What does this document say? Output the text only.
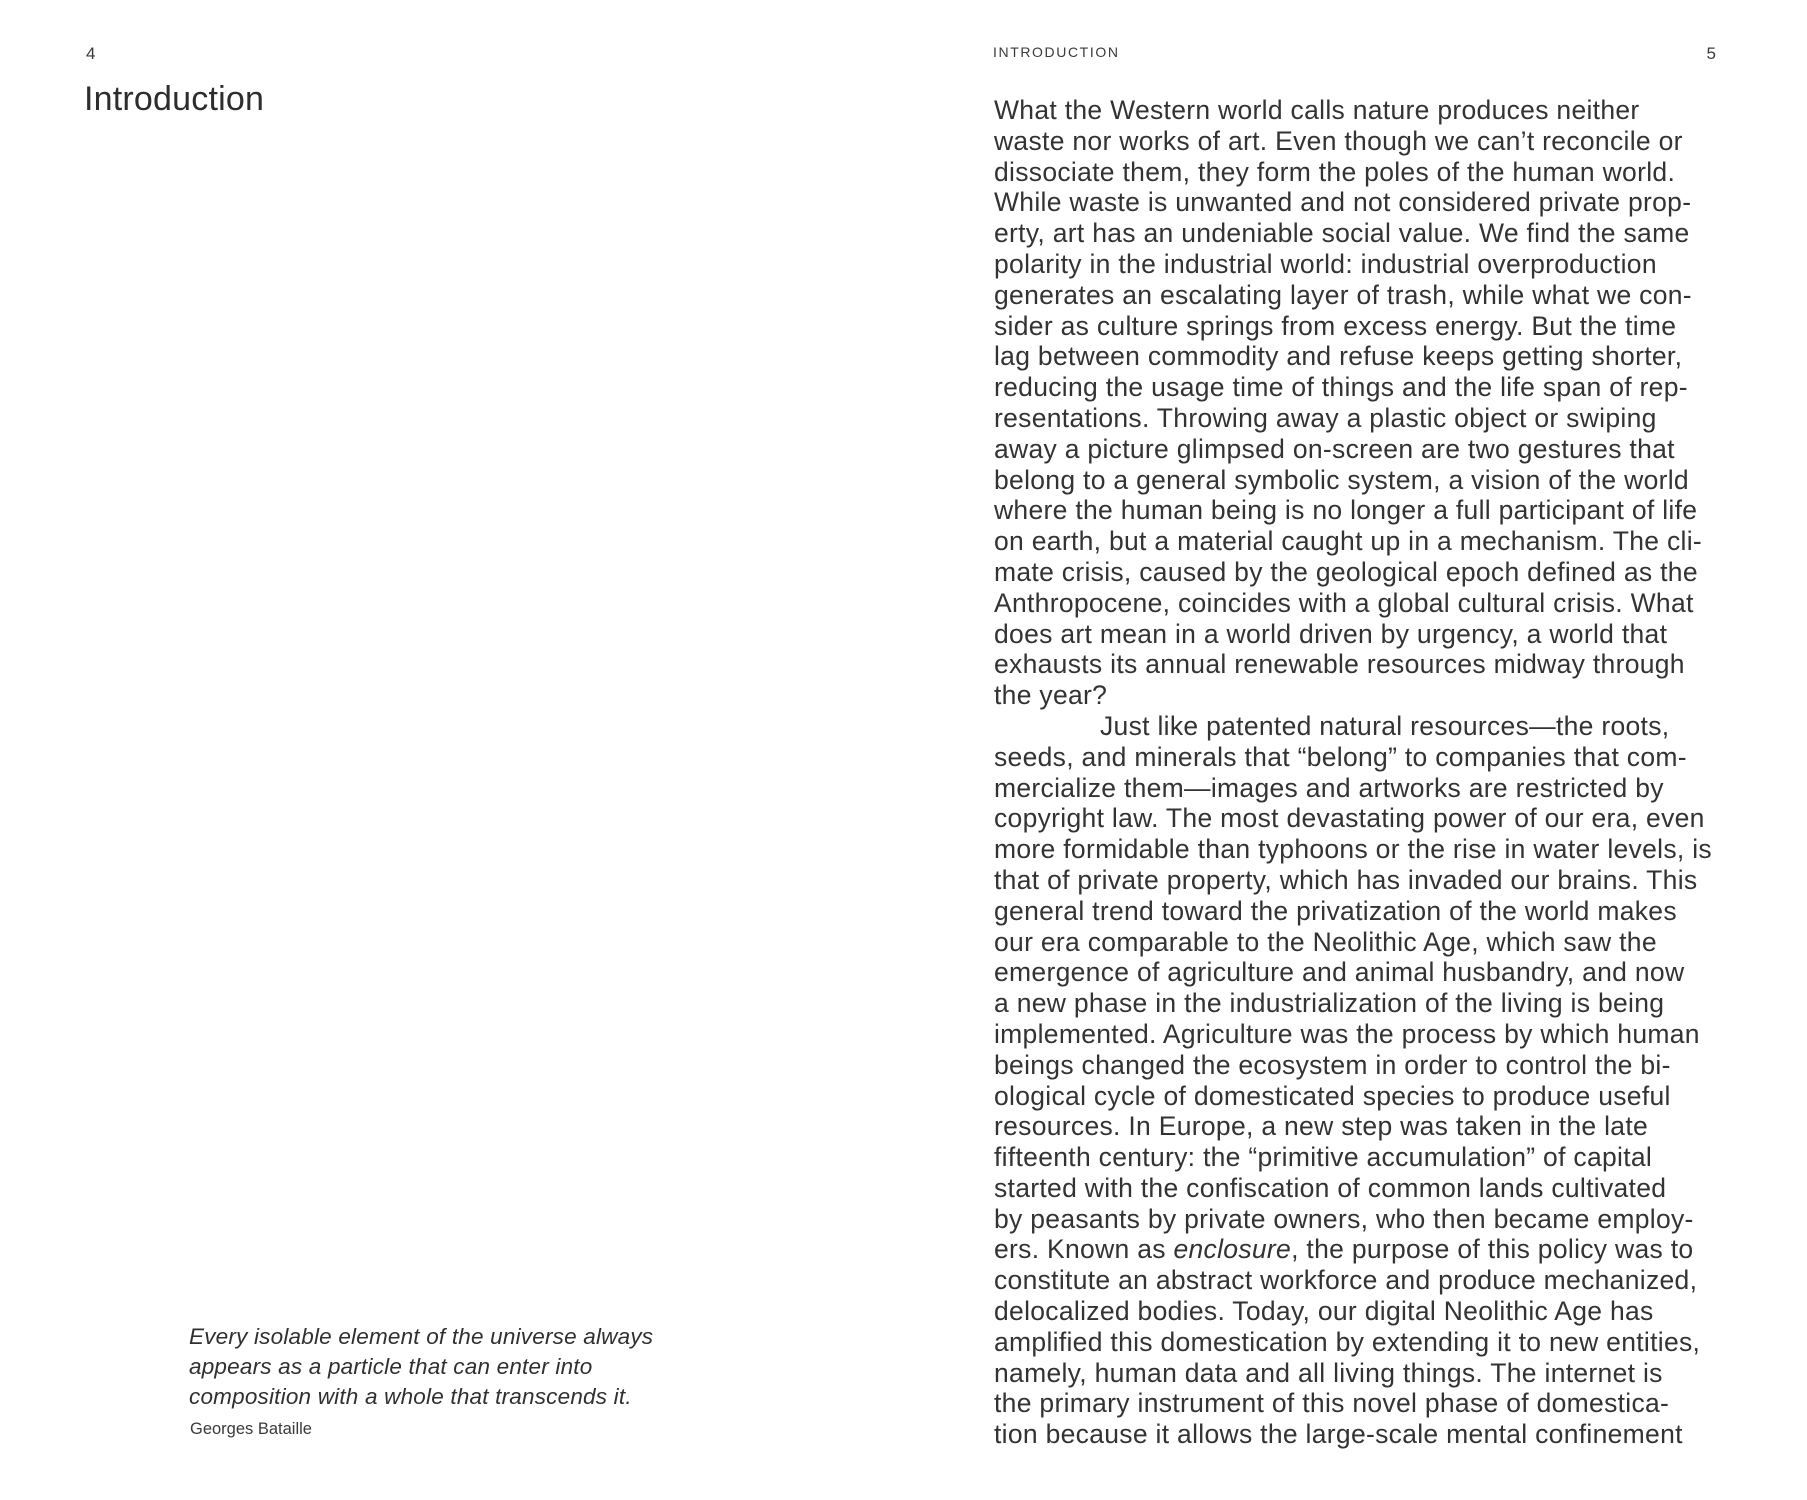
4
Introduction
Every isolable element of the universe always
appears as a particle that can enter into
composition with a whole that transcends it.
Georges Bataille
INTRODUCTION	5
What the Western world calls nature produces neither
waste nor works of art. Even though we can’t reconcile or
dissociate them, they form the poles of the human world.
While waste is unwanted and not considered private prop-
erty, art has an undeniable social value. We find the same
polarity in the industrial world: industrial overproduction
generates an escalating layer of trash, while what we con-
sider as culture springs from excess energy. But the time
lag between commodity and refuse keeps getting shorter,
reducing the usage time of things and the life span of rep-
resentations. Throwing away a plastic object or swiping
away a picture glimpsed on-screen are two gestures that
belong to a general symbolic system, a vision of the world
where the human being is no longer a full participant of life
on earth, but a material caught up in a mechanism. The cli-
mate crisis, caused by the geological epoch defined as the
Anthropocene, coincides with a global cultural crisis. What
does art mean in a world driven by urgency, a world that
exhausts its annual renewable resources midway through
the year?
Just like patented natural resources—the roots,
seeds, and minerals that “belong” to companies that com-
mercialize them—images and artworks are restricted by
copyright law. The most devastating power of our era, even
more formidable than typhoons or the rise in water levels, is
that of private property, which has invaded our brains. This
general trend toward the privatization of the world makes
our era comparable to the Neolithic Age, which saw the
emergence of agriculture and animal husbandry, and now
a new phase in the industrialization of the living is being
implemented. Agriculture was the process by which human
beings changed the ecosystem in order to control the bi-
ological cycle of domesticated species to produce useful
resources. In Europe, a new step was taken in the late
fifteenth century: the “primitive accumulation” of capital
started with the confiscation of common lands cultivated
by peasants by private owners, who then became employ-
ers. Known as enclosure, the purpose of this policy was to
constitute an abstract workforce and produce mechanized,
delocalized bodies. Today, our digital Neolithic Age has
amplified this domestication by extending it to new entities,
namely, human data and all living things. The internet is
the primary instrument of this novel phase of domestica-
tion because it allows the large-scale mental confinement
